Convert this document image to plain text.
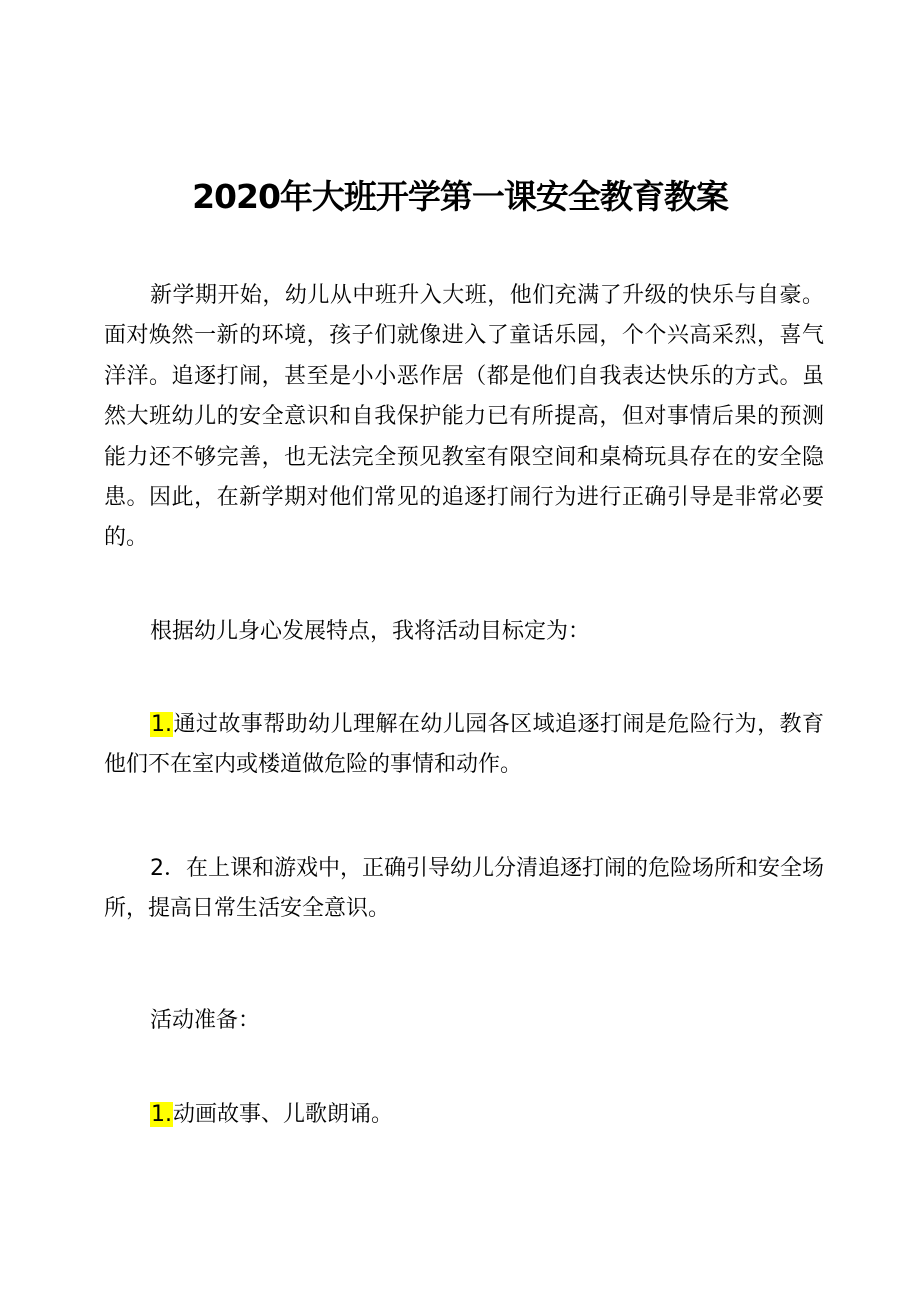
2020年大班开学第一课安全教育教案

新学期开始，幼儿从中班升入大班，他们充满了升级的快乐与自豪。面对焕然一新的环境，孩子们就像进入了童话乐园，个个兴高采烈，喜气洋洋。追逐打闹，甚至是小小恶作居（都是他们自我表达快乐的方式。虽然大班幼儿的安全意识和自我保护能力已有所提高，但对事情后果的预测能力还不够完善，也无法完全预见教室有限空间和桌椅玩具存在的安全隐患。因此，在新学期对他们常见的追逐打闹行为进行正确引导是非常必要的。

根据幼儿身心发展特点，我将活动目标定为：

1.通过故事帮助幼儿理解在幼儿园各区域追逐打闹是危险行为，教育他们不在室内或楼道做危险的事情和动作。

2．在上课和游戏中，正确引导幼儿分清追逐打闹的危险场所和安全场所，提高日常生活安全意识。

活动准备：

1.动画故事、儿歌朗诵。
